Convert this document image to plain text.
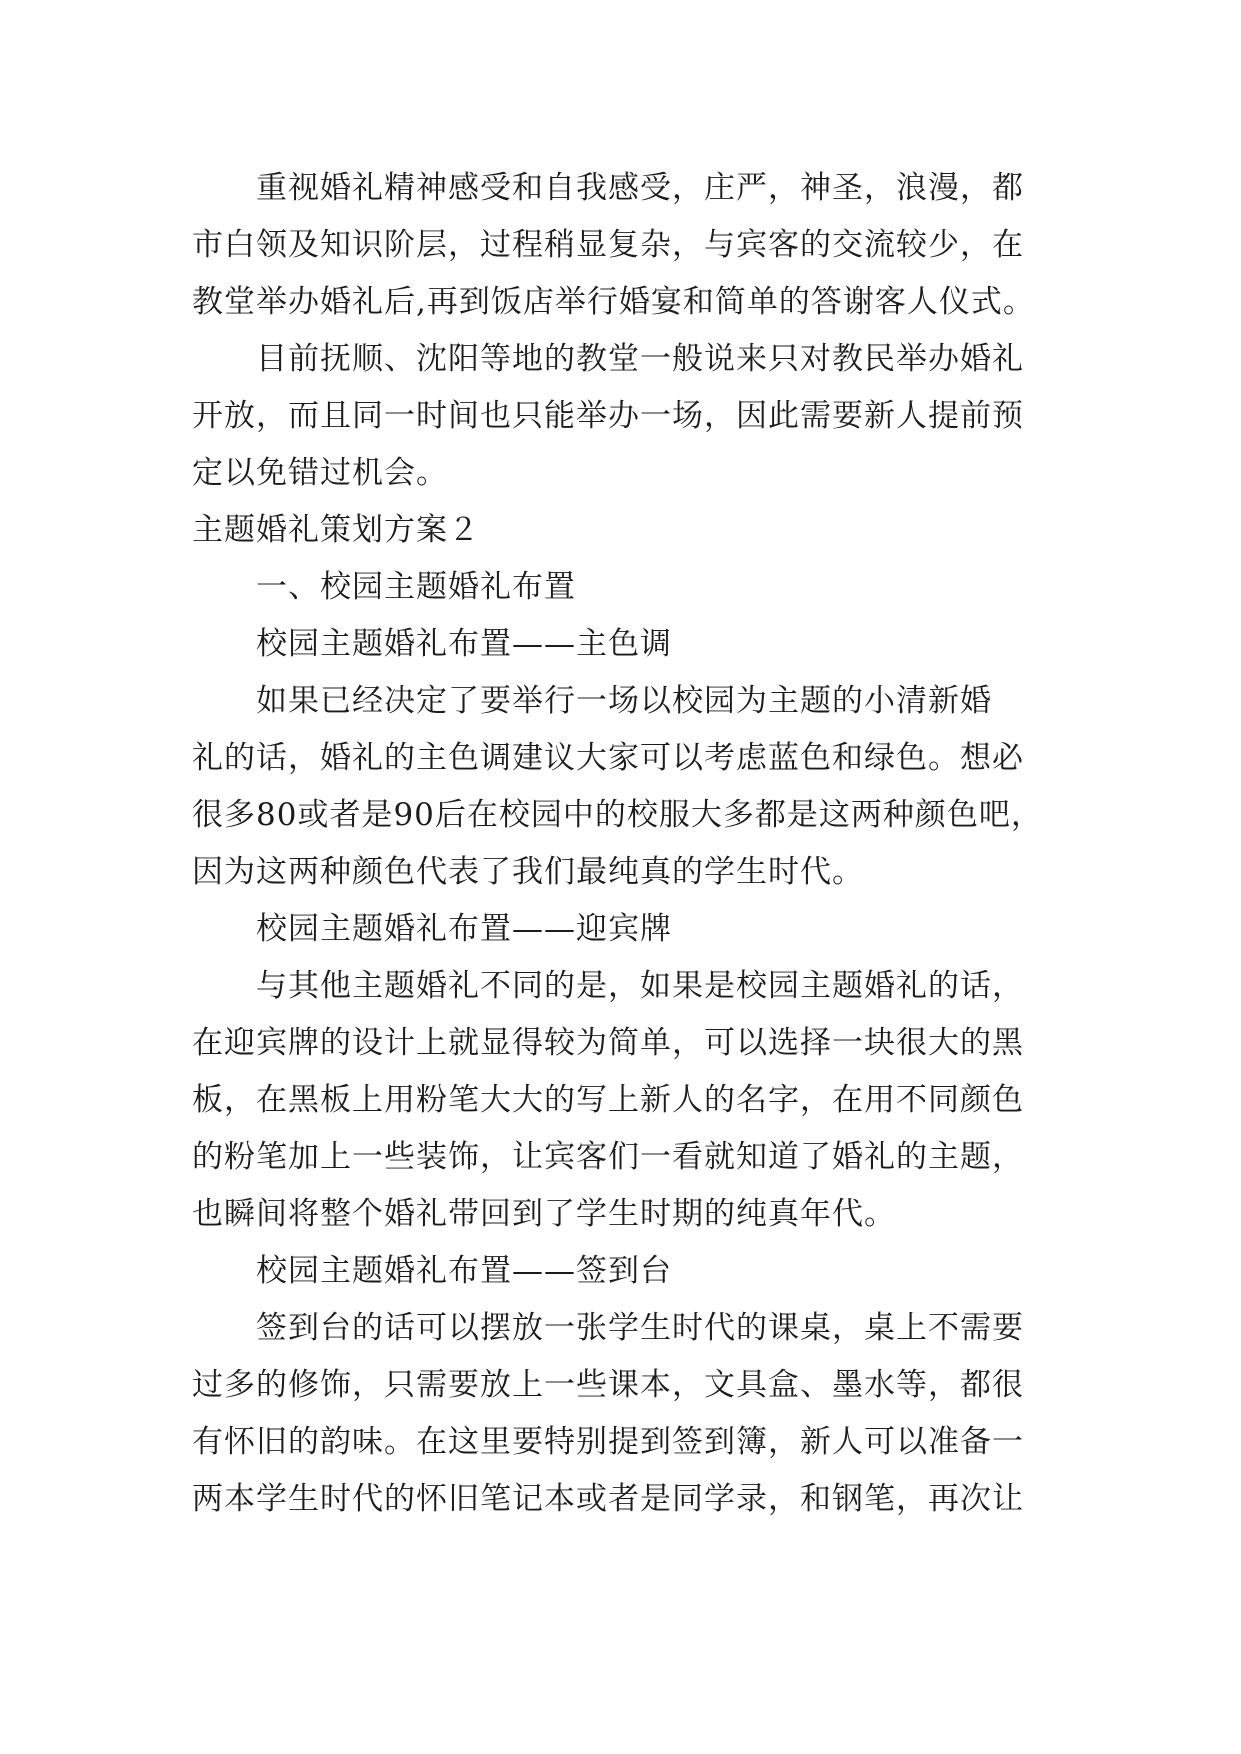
重视婚礼精神感受和自我感受，庄严，神圣，浪漫，都
市白领及知识阶层，过程稍显复杂，与宾客的交流较少，在
教堂举办婚礼后,再到饭店举行婚宴和简单的答谢客人仪式。
目前抚顺、沈阳等地的教堂一般说来只对教民举办婚礼
开放，而且同一时间也只能举办一场，因此需要新人提前预
定以免错过机会。
主题婚礼策划方案２
一、校园主题婚礼布置
校园主题婚礼布置——主色调
如果已经决定了要举行一场以校园为主题的小清新婚
礼的话，婚礼的主色调建议大家可以考虑蓝色和绿色。想必
很多80或者是90后在校园中的校服大多都是这两种颜色吧，
因为这两种颜色代表了我们最纯真的学生时代。
校园主题婚礼布置——迎宾牌
与其他主题婚礼不同的是，如果是校园主题婚礼的话，
在迎宾牌的设计上就显得较为简单，可以选择一块很大的黑
板，在黑板上用粉笔大大的写上新人的名字，在用不同颜色
的粉笔加上一些装饰，让宾客们一看就知道了婚礼的主题，
也瞬间将整个婚礼带回到了学生时期的纯真年代。
校园主题婚礼布置——签到台
签到台的话可以摆放一张学生时代的课桌，桌上不需要
过多的修饰，只需要放上一些课本，文具盒、墨水等，都很
有怀旧的韵味。在这里要特别提到签到簿，新人可以准备一
两本学生时代的怀旧笔记本或者是同学录，和钢笔，再次让
